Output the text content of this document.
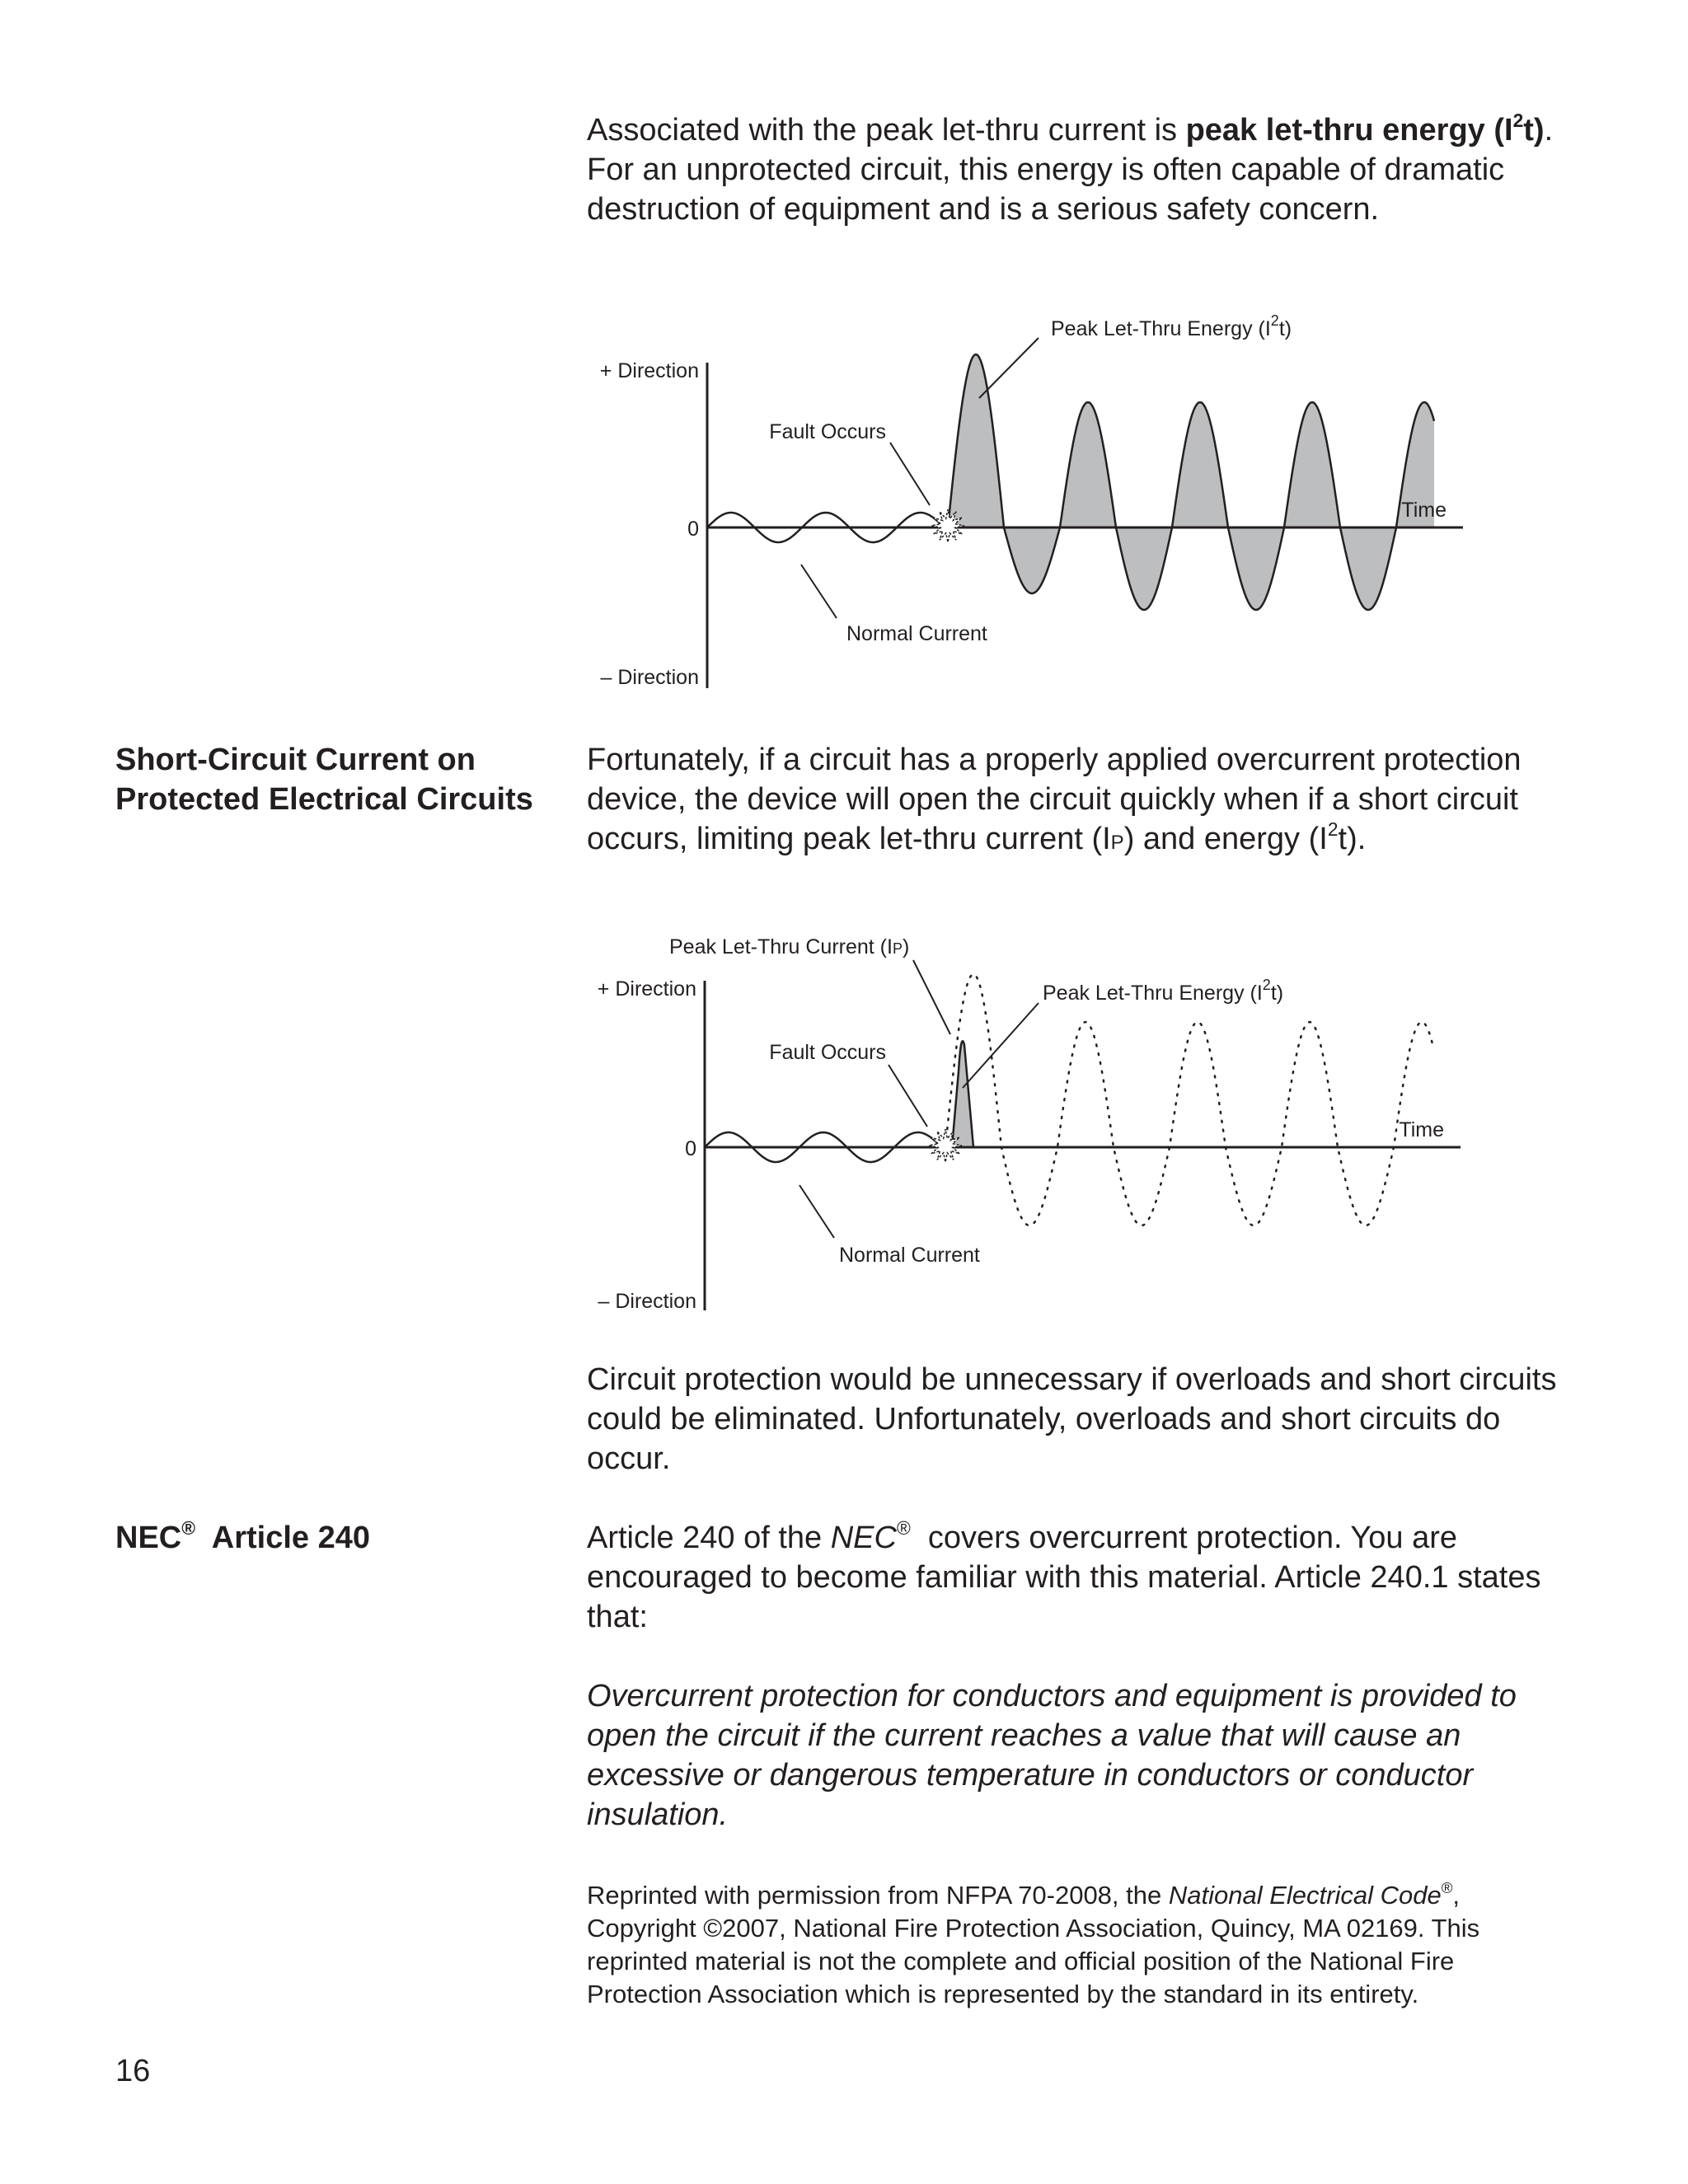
Associated with the peak let-thru current is peak let-thru energy $(I^2t)$. For an unprotected circuit, this energy is often capable of dramatic destruction of equipment and is a serious safety concern.

Peak Let-Thru Energy $(I^2t)$
+ Direction
Fault Occurs
0
Time
Normal Current
– Direction

Short-Circuit Current on
Protected Electrical Circuits

Fortunately, if a circuit has a properly applied overcurrent protection device, the device will open the circuit quickly when if a short circuit occurs, limiting peak let-thru current (IP) and energy $(I^2t)$.

Peak Let-Thru Current (IP)
+ Direction	Peak Let-Thru Energy $(I^2t)$
Fault Occurs
0
Time
Normal Current
– Direction

Circuit protection would be unnecessary if overloads and short circuits could be eliminated. Unfortunately, overloads and short circuits do occur.

NEC®  Article 240	Article 240 of the NEC®  covers overcurrent protection. You are encouraged to become familiar with this material. Article 240.1 states that:

Overcurrent protection for conductors and equipment is provided to open the circuit if the current reaches a value that will cause an excessive or dangerous temperature in conductors or conductor insulation.

Reprinted with permission from NFPA 70-2008, the National Electrical Code®, Copyright ©2007, National Fire Protection Association, Quincy, MA 02169. This reprinted material is not the complete and official position of the National Fire Protection Association which is represented by the standard in its entirety.

16
